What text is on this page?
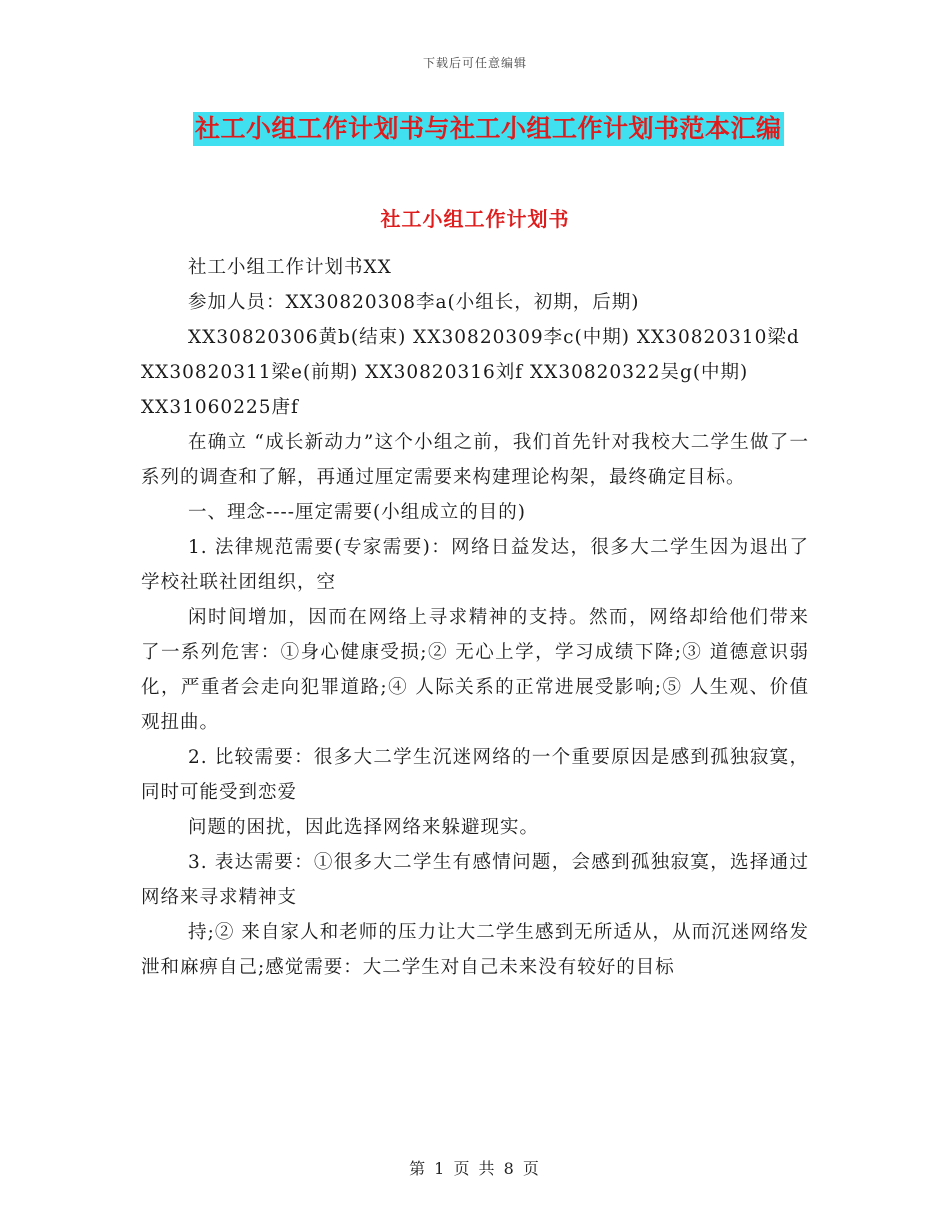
下载后可任意编辑
社工小组工作计划书与社工小组工作计划书范本汇编
社工小组工作计划书

社工小组工作计划书XX

参加人员：XX30820308李a(小组长，初期，后期)

XX30820306黄b(结束) XX30820309李c(中期) XX30820310梁d

XX30820311梁e(前期) XX30820316刘f XX30820322吴g(中期)

XX31060225唐f

在确立 “成长新动力”这个小组之前，我们首先针对我校大二学生做了一系列的调查和了解，再通过厘定需要来构建理论构架，最终确定目标。

一、理念----厘定需要(小组成立的目的)

1. 法律规范需要(专家需要)：网络日益发达，很多大二学生因为退出了学校社联社团组织，空

闲时间增加，因而在网络上寻求精神的支持。然而，网络却给他们带来了一系列危害：①身心健康受损;② 无心上学，学习成绩下降;③ 道德意识弱化，严重者会走向犯罪道路;④ 人际关系的正常进展受影响;⑤ 人生观、价值观扭曲。

2. 比较需要：很多大二学生沉迷网络的一个重要原因是感到孤独寂寞，同时可能受到恋爱

问题的困扰，因此选择网络来躲避现实。

3. 表达需要：①很多大二学生有感情问题，会感到孤独寂寞，选择通过网络来寻求精神支

持;② 来自家人和老师的压力让大二学生感到无所适从，从而沉迷网络发泄和麻痹自己;感觉需要：大二学生对自己未来没有较好的目标

第 1 页 共 8 页
